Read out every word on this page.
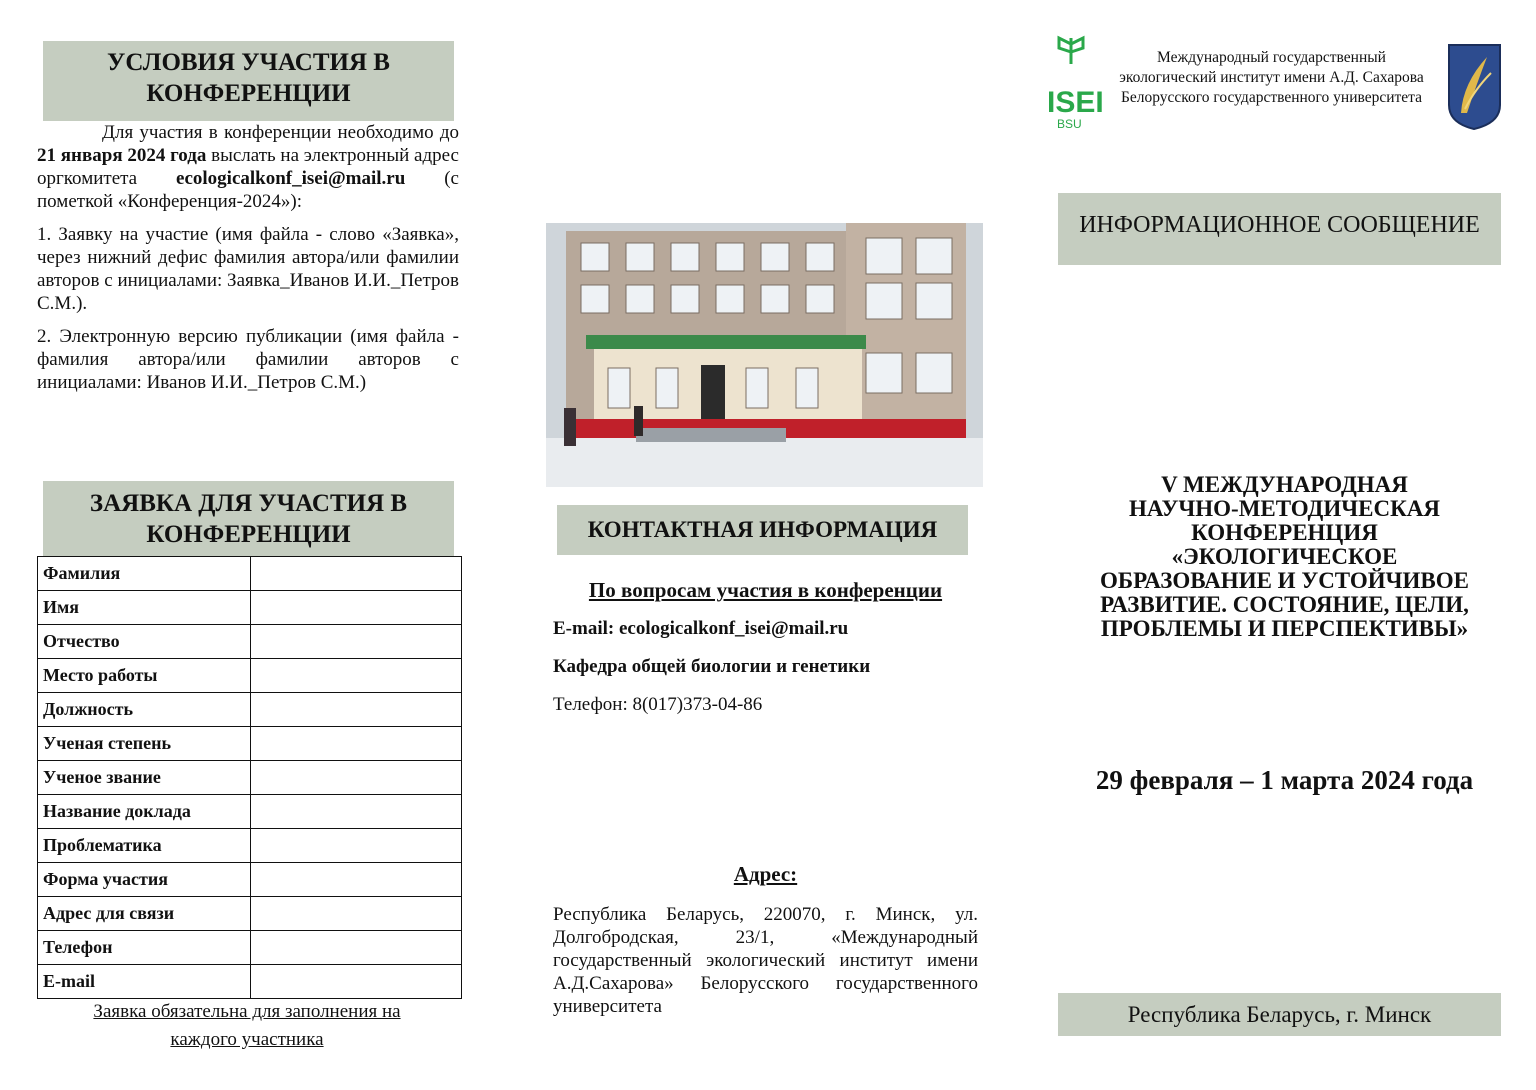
УСЛОВИЯ УЧАСТИЯ В КОНФЕРЕНЦИИ

Для участия в конференции необходимо до 21 января 2024 года выслать на электронный адрес оргкомитета ecologicalkonf_isei@mail.ru (с пометкой «Конференция-2024»):

1. Заявку на участие (имя файла - слово «Заявка», через нижний дефис фамилия автора/или фамилии авторов с инициалами: Заявка_Иванов И.И._Петров С.М.).

2. Электронную версию публикации (имя файла - фамилия автора/или фамилии авторов с инициалами: Иванов И.И._Петров С.М.)

ЗАЯВКА ДЛЯ УЧАСТИЯ В КОНФЕРЕНЦИИ
Фамилия	
Имя	
Отчество	
Место работы	
Должность	
Ученая степень	
Ученое звание	
Название доклада	
Проблематика	
Форма участия	
Адрес для связи	
Телефон	
E-mail	
Заявка обязательна для заполнения на каждого участника
КОНТАКТНАЯ ИНФОРМАЦИЯ
По вопросам участия в конференции
E-mail: ecologicalkonf_isei@mail.ru
Кафедра общей биологии и генетики
Телефон: 8(017)373-04-86
Адрес:

Республика Беларусь, 220070, г. Минск, ул. Долгобродская, 23/1, «Международный государственный экологический институт имени А.Д.Сахарова» Белорусского государственного университета

ISEI
BSU
Международный государственный
экологический институт имени А.Д. Сахарова
Белорусского государственного университета
ИНФОРМАЦИОННОЕ СООБЩЕНИЕ
V МЕЖДУНАРОДНАЯ
НАУЧНО-МЕТОДИЧЕСКАЯ
КОНФЕРЕНЦИЯ
«ЭКОЛОГИЧЕСКОЕ
ОБРАЗОВАНИЕ И УСТОЙЧИВОЕ
РАЗВИТИЕ. СОСТОЯНИЕ, ЦЕЛИ,
ПРОБЛЕМЫ И ПЕРСПЕКТИВЫ»
29 февраля – 1 марта 2024 года
Республика Беларусь, г. Минск
